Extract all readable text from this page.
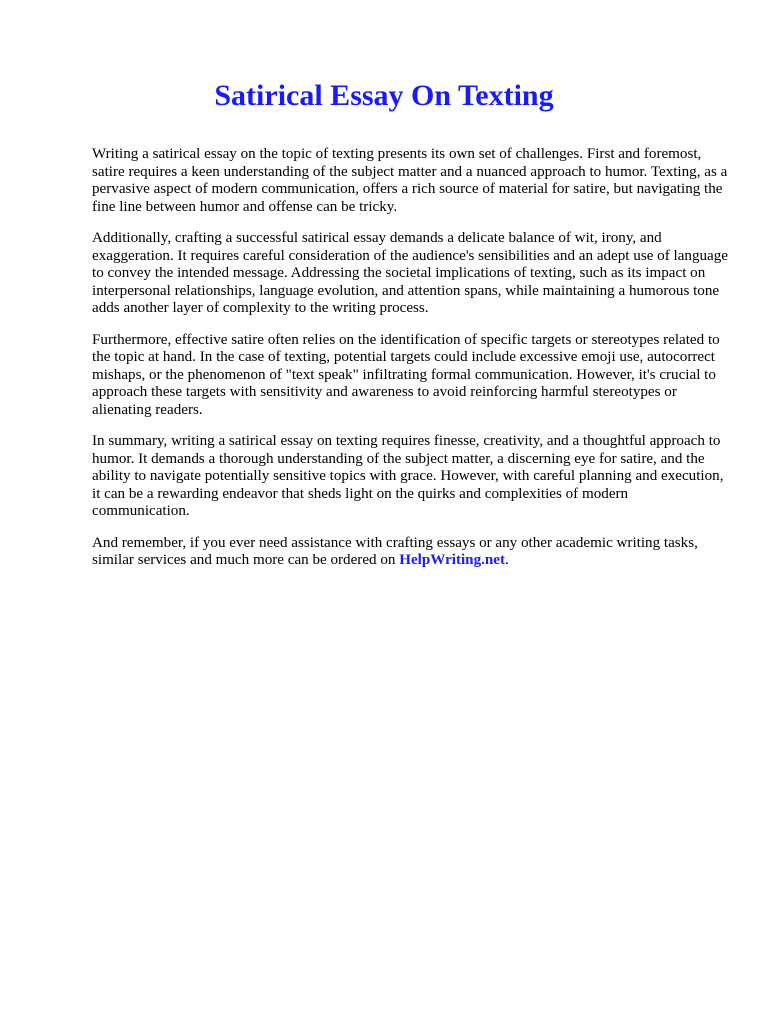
Satirical Essay On Texting

Writing a satirical essay on the topic of texting presents its own set of challenges. First and foremost, satire requires a keen understanding of the subject matter and a nuanced approach to humor. Texting, as a pervasive aspect of modern communication, offers a rich source of material for satire, but navigating the fine line between humor and offense can be tricky.

Additionally, crafting a successful satirical essay demands a delicate balance of wit, irony, and exaggeration. It requires careful consideration of the audience's sensibilities and an adept use of language to convey the intended message. Addressing the societal implications of texting, such as its impact on interpersonal relationships, language evolution, and attention spans, while maintaining a humorous tone adds another layer of complexity to the writing process.

Furthermore, effective satire often relies on the identification of specific targets or stereotypes related to the topic at hand. In the case of texting, potential targets could include excessive emoji use, autocorrect mishaps, or the phenomenon of "text speak" infiltrating formal communication. However, it's crucial to approach these targets with sensitivity and awareness to avoid reinforcing harmful stereotypes or alienating readers.

In summary, writing a satirical essay on texting requires finesse, creativity, and a thoughtful approach to humor. It demands a thorough understanding of the subject matter, a discerning eye for satire, and the ability to navigate potentially sensitive topics with grace. However, with careful planning and execution, it can be a rewarding endeavor that sheds light on the quirks and complexities of modern communication.

And remember, if you ever need assistance with crafting essays or any other academic writing tasks, similar services and much more can be ordered on HelpWriting.net.
